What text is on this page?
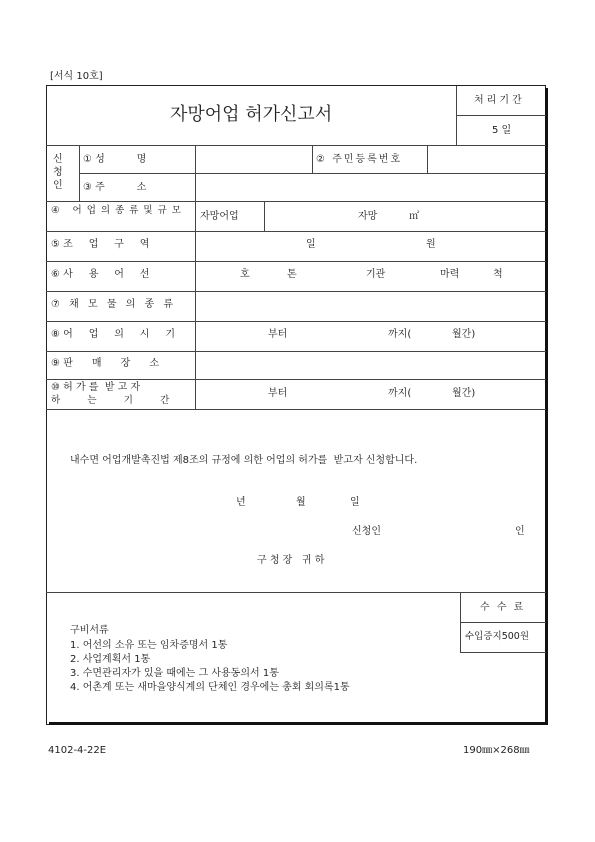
[서식 10호]
자망어업 허가신고서
처리기간
5 일
신
청
인
① 성          명	② 주민등록번호
③ 주          소
④ 어업의종류및규모
자망어업	자망          ㎡
⑤ 조     업     구     역	일	원
⑥ 사     용     어     선	호	톤	기관	마력	척
⑦ 채 모 물 의 종 류
⑧ 어     업     의     시     기	부터	까지(	월간)
⑨ 판      매      장      소
⑩ 허 가 를  받 고 자
하         는         기         간
부터	까지(	월간)
내수면 어업개발촉진법 제8조의 규정에 의한 어업의 허가를  받고자 신청합니다.
년	월	일
신청인	인
구 청 장   귀 하
수 수 료
수입증지500원
구비서류
1. 어선의 소유 또는 임차증명서 1통
2. 사업계획서 1통
3. 수면관리자가 있을 때에는 그 사용동의서 1통
4. 어촌계 또는 새마을양식계의 단체인 경우에는 총회 회의록1통
4102-4-22E	190㎜×268㎜
